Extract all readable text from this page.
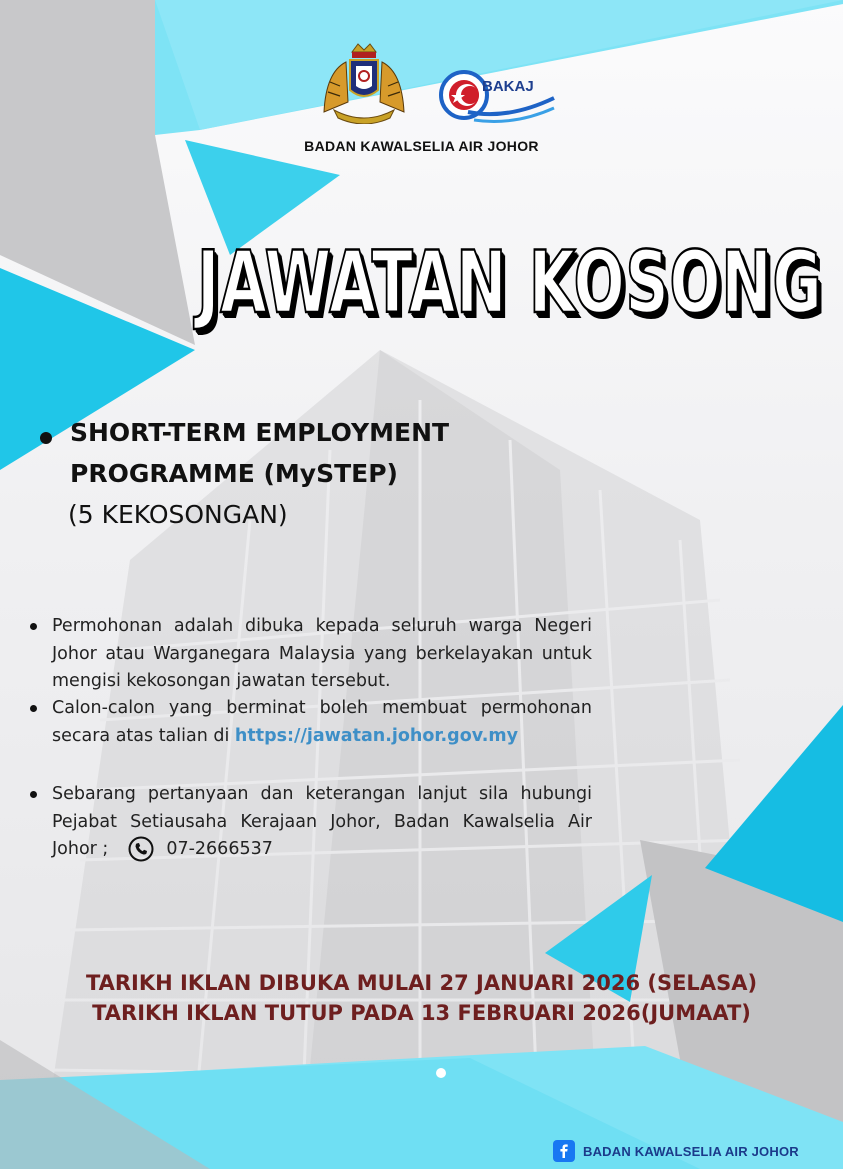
BAKAJ
BADAN KAWALSELIA AIR JOHOR
JAWATAN KOSONG
SHORT-TERM EMPLOYMENT PROGRAMME (MySTEP)
(5 KEKOSONGAN)
Permohonan adalah dibuka kepada seluruh warga Negeri Johor atau Warganegara Malaysia yang berkelayakan untuk mengisi kekosongan jawatan tersebut.
Calon-calon yang berminat boleh membuat permohonan secara atas talian di https://jawatan.johor.gov.my
Sebarang pertanyaan dan keterangan lanjut sila hubungi Pejabat Setiausaha Kerajaan Johor, Badan Kawalselia Air Johor ;	07-2666537
TARIKH IKLAN DIBUKA MULAI 27 JANUARI 2026 (SELASA)
TARIKH IKLAN TUTUP PADA 13 FEBRUARI 2026(JUMAAT)
BADAN KAWALSELIA AIR JOHOR
